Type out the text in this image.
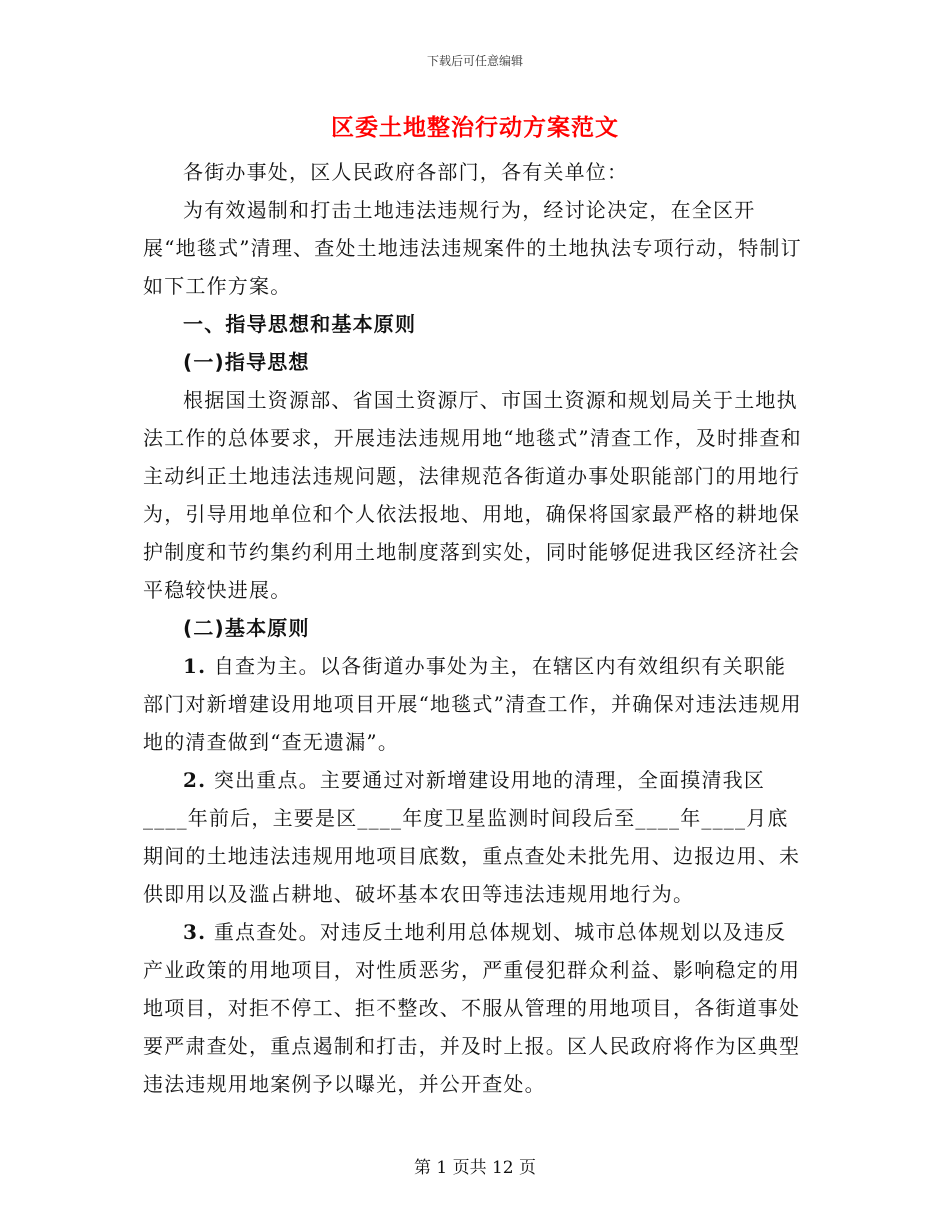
下载后可任意编辑
区委土地整治行动方案范文

各街办事处，区人民政府各部门，各有关单位：

为有效遏制和打击土地违法违规行为，经讨论决定，在全区开展“地毯式”清理、查处土地违法违规案件的土地执法专项行动，特制订如下工作方案。

一、指导思想和基本原则

(一)指导思想

根据国土资源部、省国土资源厅、市国土资源和规划局关于土地执法工作的总体要求，开展违法违规用地“地毯式”清查工作，及时排查和主动纠正土地违法违规问题，法律规范各街道办事处职能部门的用地行为，引导用地单位和个人依法报地、用地，确保将国家最严格的耕地保护制度和节约集约利用土地制度落到实处，同时能够促进我区经济社会平稳较快进展。

(二)基本原则

1. 自查为主。以各街道办事处为主，在辖区内有效组织有关职能部门对新增建设用地项目开展“地毯式”清查工作，并确保对违法违规用地的清查做到“查无遗漏”。

2. 突出重点。主要通过对新增建设用地的清理，全面摸清我区____年前后，主要是区____年度卫星监测时间段后至____年____月底期间的土地违法违规用地项目底数，重点查处未批先用、边报边用、未供即用以及滥占耕地、破坏基本农田等违法违规用地行为。

3. 重点查处。对违反土地利用总体规划、城市总体规划以及违反产业政策的用地项目，对性质恶劣，严重侵犯群众利益、影响稳定的用地项目，对拒不停工、拒不整改、不服从管理的用地项目，各街道事处要严肃查处，重点遏制和打击，并及时上报。区人民政府将作为区典型违法违规用地案例予以曝光，并公开查处。

第 1 页共 12 页
